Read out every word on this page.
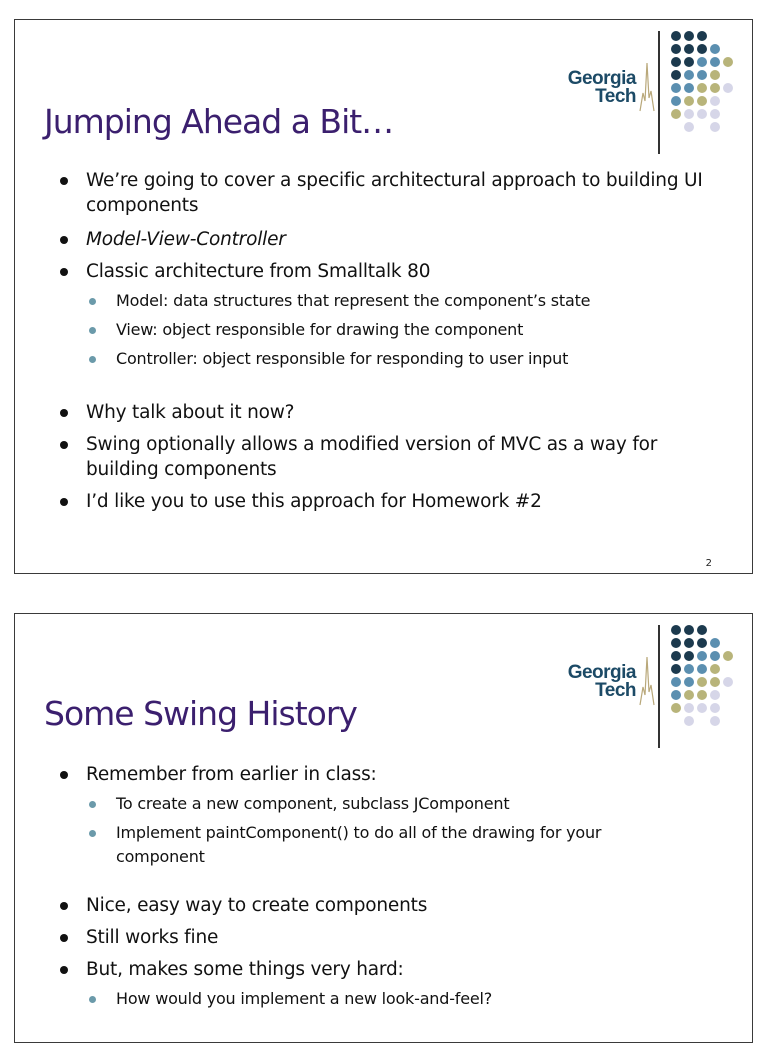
Georgia
Tech
Jumping Ahead a Bit…
We’re going to cover a specific architectural approach to building UI components
Model-View-Controller
Classic architecture from Smalltalk 80
Model: data structures that represent the component’s state
View: object responsible for drawing the component
Controller: object responsible for responding to user input
Why talk about it now?
Swing optionally allows a modified version of MVC as a way for building components
I’d like you to use this approach for Homework #2
2
Georgia
Tech
Some Swing History
Remember from earlier in class:
To create a new component, subclass JComponent
Implement paintComponent() to do all of the drawing for your component
Nice, easy way to create components
Still works fine
But, makes some things very hard:
How would you implement a new look-and-feel?
